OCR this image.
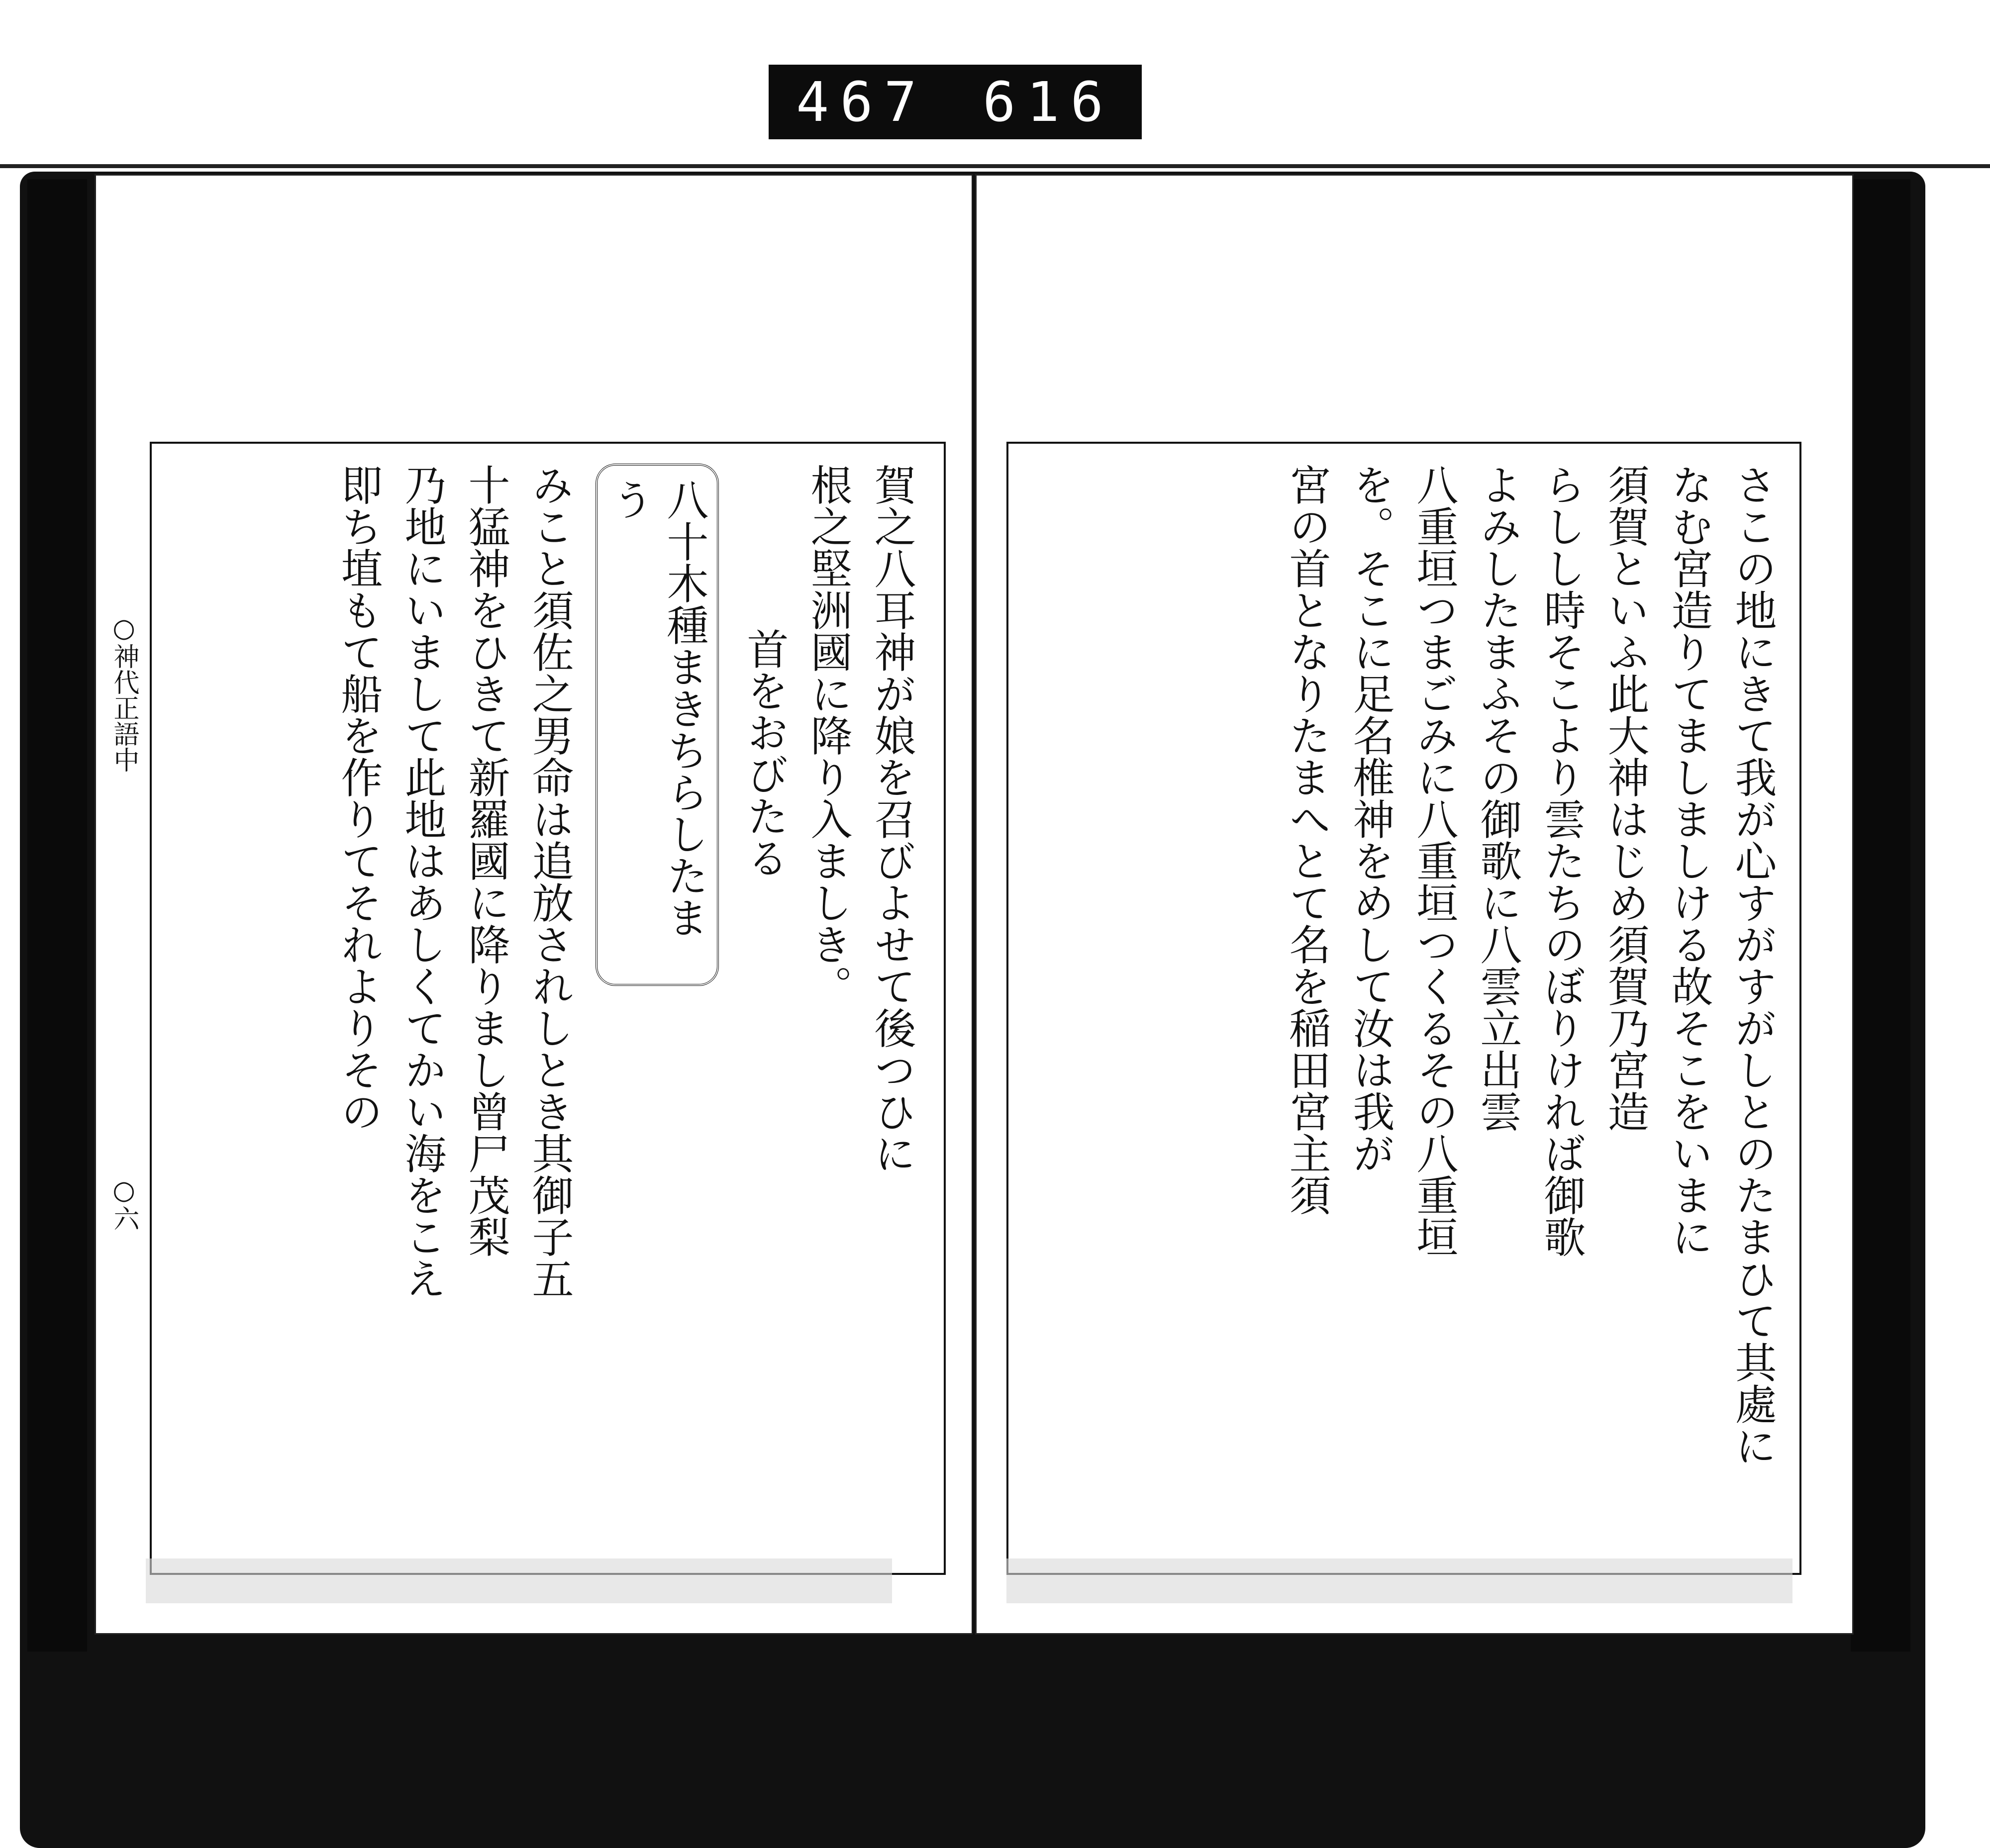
467 616
賀之八耳神が娘を召びよせて後つひに
根之堅洲國に降り入ましき。
首をおびたる
八十木種まきちらしたまう
みこと須佐之男命は追放されしとき其御子五
十猛神をひきて新羅國に降りまし曾尸茂梨
乃地にいまして此地はあしくてかい海をこえ
即ち埴もて船を作りてそれよりその
○神代正語中
○六	さこの地にきて我が心すがすがしとのたまひて其處に
なむ宮造りてましましける故そこをいまに
須賀といふ此大神はじめ須賀乃宮造
らしし時そこより雲たちのぼりければ御歌
よみしたまふその御歌に八雲立出雲
八重垣つまごみに八重垣つくるその八重垣
を。そこに足名椎神をめして汝は我が
宮の首となりたまへとて名を稲田宮主須
